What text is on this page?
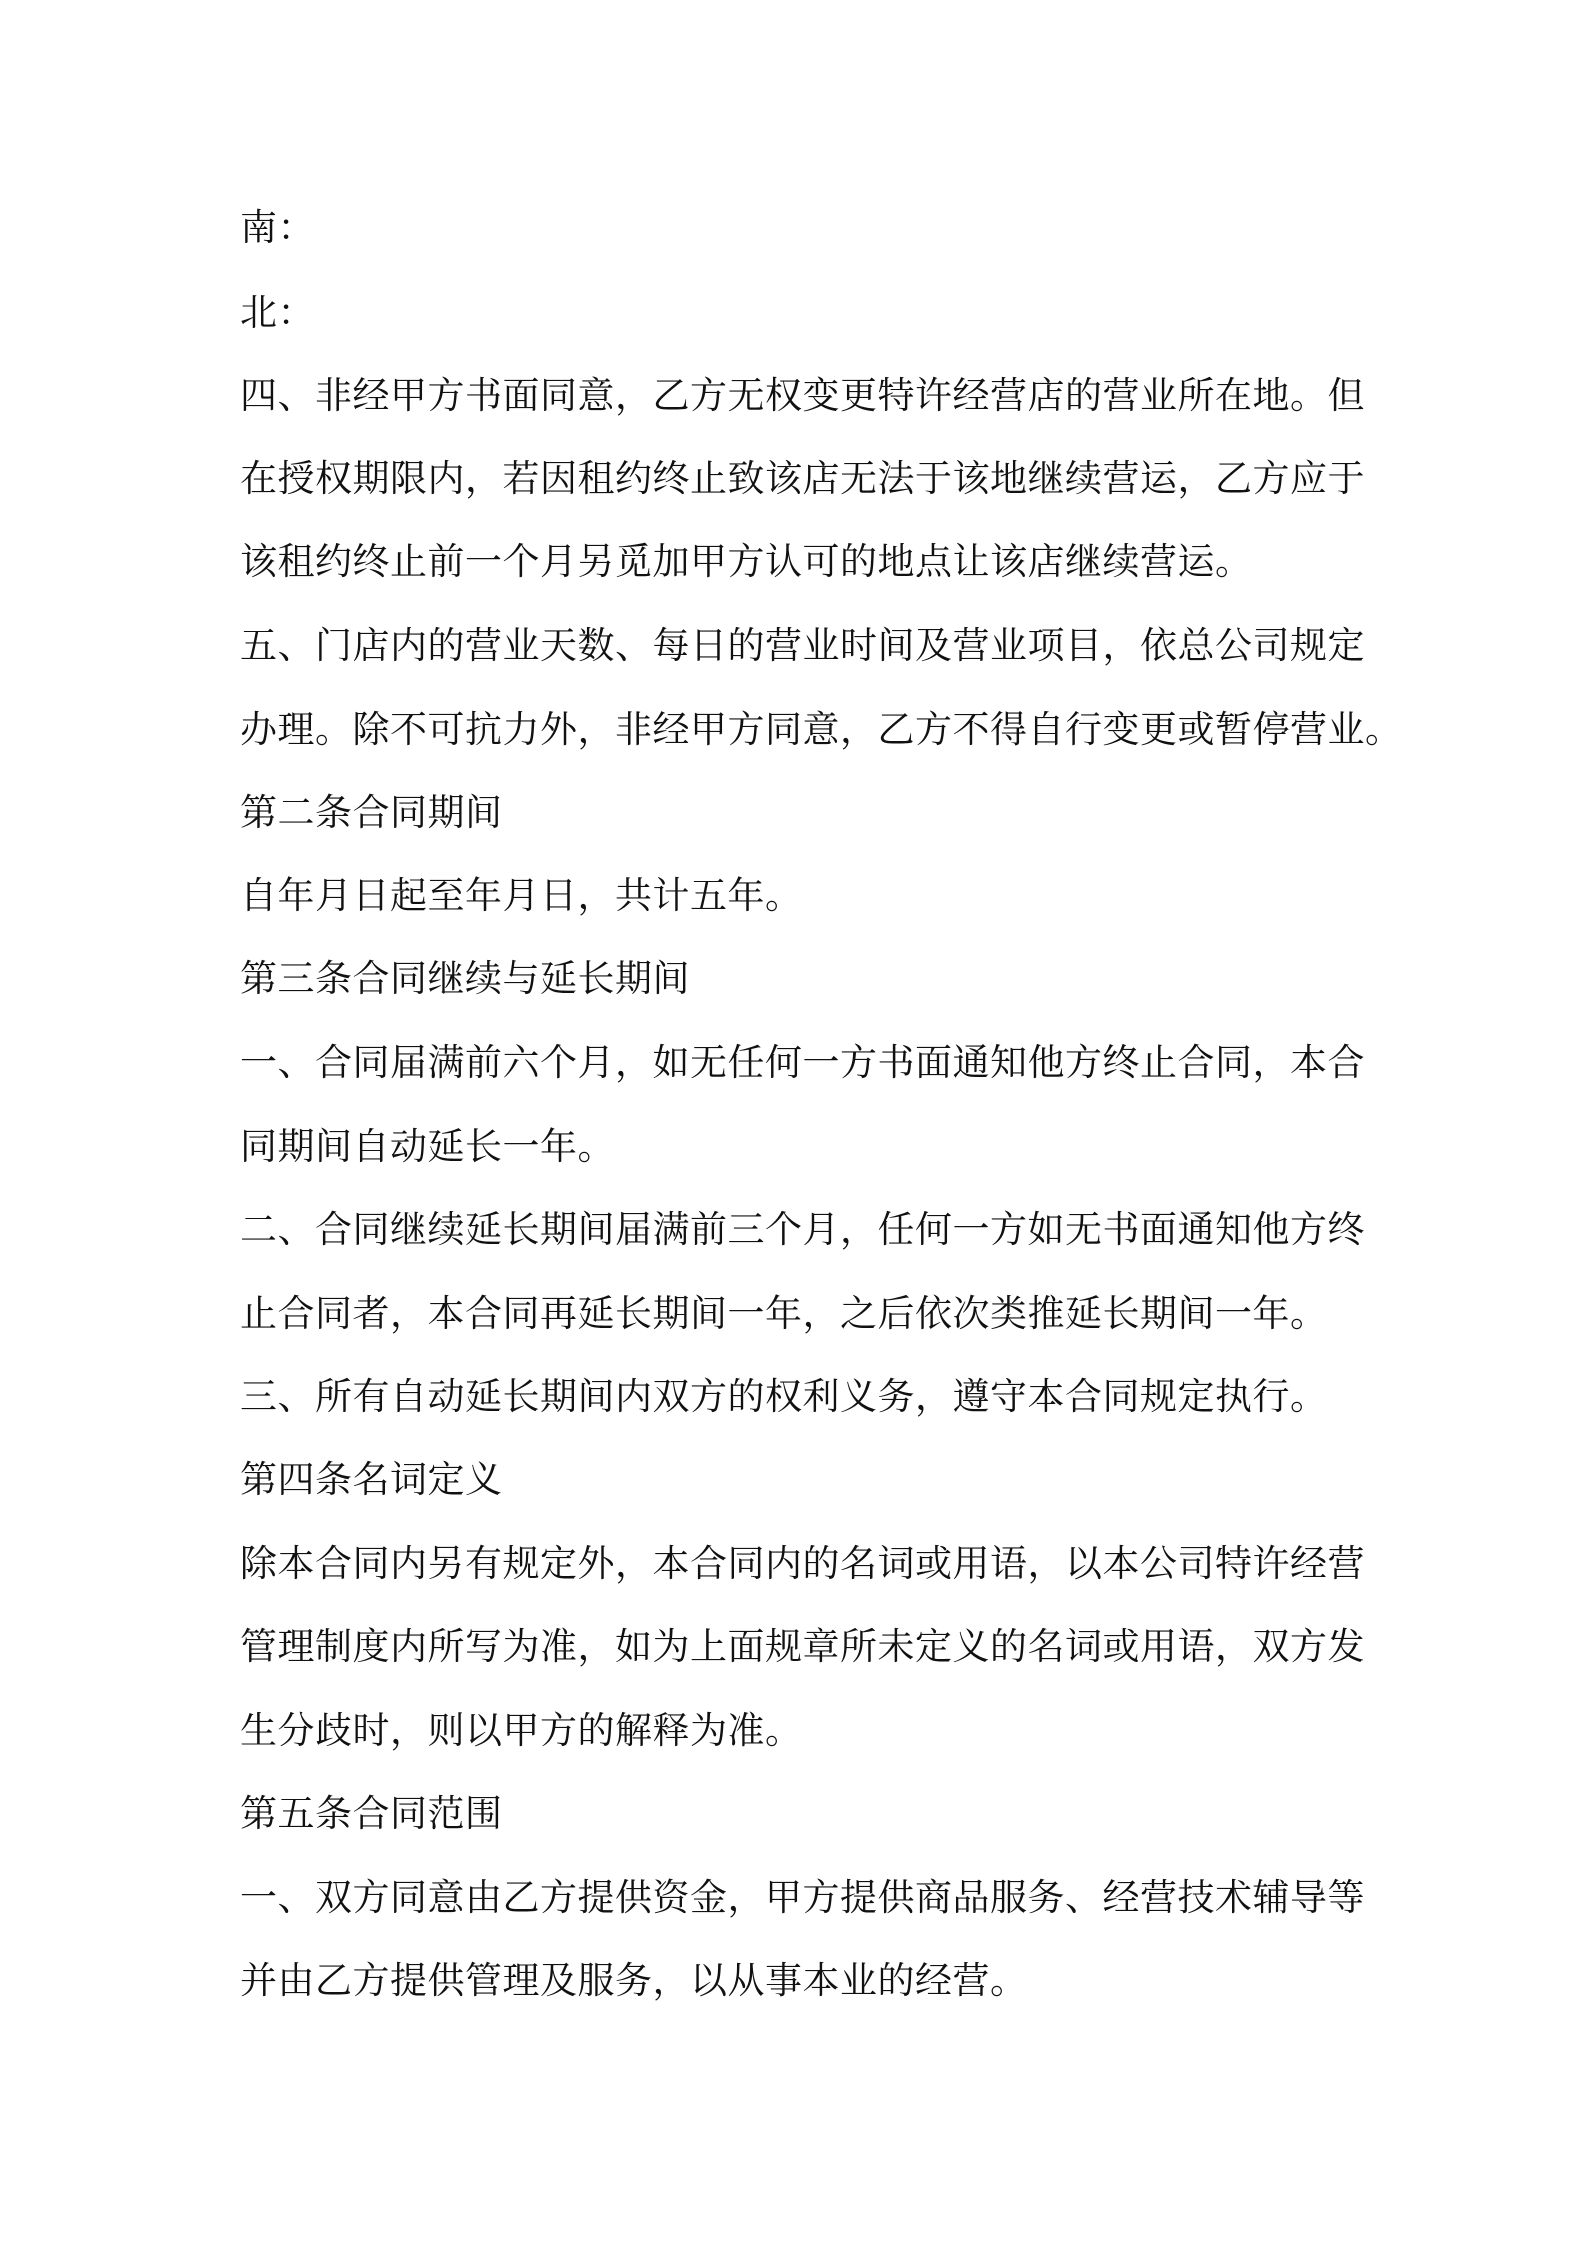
南：
北：
四、非经甲方书面同意，乙方无权变更特许经营店的营业所在地。但
在授权期限内，若因租约终止致该店无法于该地继续营运，乙方应于
该租约终止前一个月另觅加甲方认可的地点让该店继续营运。
五、门店内的营业天数、每日的营业时间及营业项目，依总公司规定
办理。除不可抗力外，非经甲方同意，乙方不得自行变更或暂停营业。
第二条合同期间
自年月日起至年月日，共计五年。
第三条合同继续与延长期间
一、合同届满前六个月，如无任何一方书面通知他方终止合同，本合
同期间自动延长一年。
二、合同继续延长期间届满前三个月，任何一方如无书面通知他方终
止合同者，本合同再延长期间一年，之后依次类推延长期间一年。
三、所有自动延长期间内双方的权利义务，遵守本合同规定执行。
第四条名词定义
除本合同内另有规定外，本合同内的名词或用语，以本公司特许经营
管理制度内所写为准，如为上面规章所未定义的名词或用语，双方发
生分歧时，则以甲方的解释为准。
第五条合同范围
一、双方同意由乙方提供资金，甲方提供商品服务、经营技术辅导等
并由乙方提供管理及服务，以从事本业的经营。
